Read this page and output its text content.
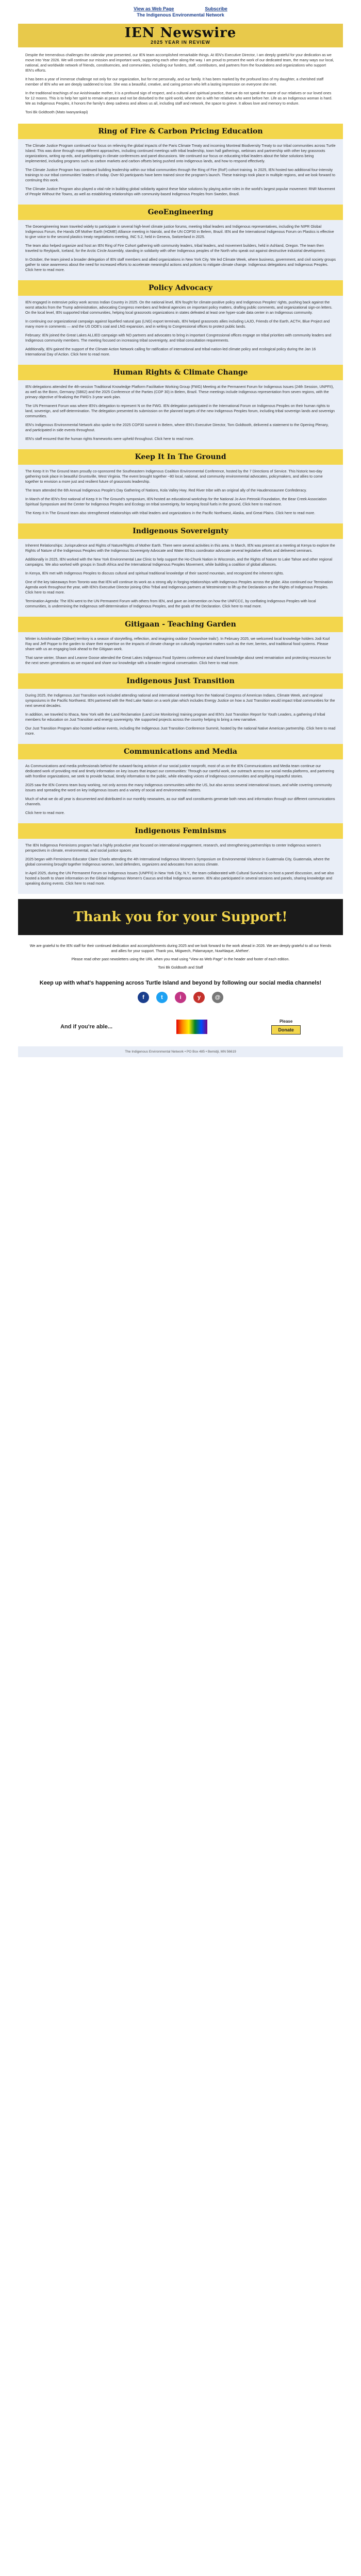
View as Web Page	Subscribe
The Indigenous Environmental Network
IEN Newswire
2025 YEAR IN REVIEW

Despite the tremendous challenges the calendar year presented, our IEN team accomplished remarkable things. At IEN's Executive Director, I am deeply grateful for your dedication as we move into Year 2026. We will continue our mission and important work, supporting each other along the way. I am proud to present the work of our dedicated team, the many ways our local, national, and worldwide network of friends, constituencies, and communities, including our funders, staff, contributors, and partners from the foundations and organizations who support IEN's efforts.

It has been a year of immense challenge not only for our organization, but for me personally, and our family. It has been marked by the profound loss of my daughter, a cherished staff member of IEN who we are deeply saddened to lose. She was a beautiful, creative, and caring person who left a lasting impression on everyone she met.

In the traditional teachings of our Anishinaabe mother, it is a profound sign of respect, and a cultural and spiritual practice, that we do not speak the name of our relatives or our loved ones for 12 moons. This is to help her spirit to remain at peace and not be disturbed to the spirit world, where she is with her relatives who went before her. Life as an Indigenous woman is hard. We as Indigenous Peoples, it honors the family's deep sadness and allows us all, including staff and network, the space to grieve. It allows love and memory to endure.

Toni Bk Goldtooth (Mato Iwanyankapi)

Ring of Fire & Carbon Pricing Education

The Climate Justice Program continued our focus on relieving the global impacts of the Paris Climate Treaty and incoming Montreal Biodiversity Treaty to our tribal communities across Turtle Island. This was done through many different approaches, including continued meetings with tribal leadership, town hall gatherings, webinars and partnership with other key grassroots organizations, writing op-eds, and participating in climate conferences and panel discussions. We continued our focus on educating tribal leaders about the false solutions being implemented, including programs such as carbon markets and carbon offsets being pushed onto Indigenous lands, and how to respond effectively.

The Climate Justice Program has continued building leadership within our tribal communities through the Ring of Fire (RoF) cohort training. In 2025, IEN hosted two additional four-intensity trainings to our tribal communities' leaders of today. Over 60 participants have been trained since the program's launch. These trainings took place in multiple regions, and we look forward to continuing this work.

The Climate Justice Program also played a vital role in building global solidarity against these false solutions by playing active roles in the world's largest popular movement: RNR Movement of People Without the Towns, as well as establishing relationships with community-based Indigenous Peoples from Sweden, Brazil.

GeoEngineering

The Geoengineering team traveled widely to participate in several high-level climate justice forums, meeting tribal leaders and Indigenous representatives, including the NIPR Global Indigenous Forum, the Hands Off Mother Earth (HOME) Alliance meeting in Nairobi, and the UN COP30 in Belem, Brazil. IEN and the International Indigenous Forum on Plastics is effective to give voice to the second plastics treaty negotiations meeting, INC 5.2, held in Geneva, Switzerland in 2025.

The team also helped organize and host an IEN Ring of Fire Cohort gathering with community leaders, tribal leaders, and movement builders, held in Ashland, Oregon. The team then traveled to Reykjavik, Iceland, for the Arctic Circle Assembly, standing in solidarity with other Indigenous peoples of the North who speak out against destructive industrial development.

In October, the team joined a broader delegation of IEN staff members and allied organizations in New York City. We led Climate Week, where business, government, and civil society groups gather to raise awareness about the need for increased efforts to accelerate meaningful actions and policies to mitigate climate change. Indigenous delegations and Indigenous Peoples. Click here to read more.

Policy Advocacy

IEN engaged in extensive policy work across Indian Country in 2025. On the national level, IEN fought for climate-positive policy and Indigenous Peoples' rights, pushing back against the worst attacks from the Trump administration, advocating Congress members and federal agencies on important policy matters, drafting public comments, and organizational sign-on letters. On the local level, IEN supported tribal communities, helping local grassroots organizations in states defeated at least one hyper-scale data center in an Indigenous community.

In continuing our organizational campaign against liquefied natural gas (LNG) export terminals, IEN helped grassroots allies including LAJO, Friends of the Earth, ACTH, Blue Project and many more in comments — and the US DOE's coal and LNG expansion, and in writing to Congressional offices to protect public lands.

February: IEN joined the Great Lakes ALLIED campaign with NO partners and advocates to bring in important Congressional offices engage on tribal priorities with community leaders and Indigenous community members. The meeting focused on increasing tribal sovereignty, and tribal consultation requirements.

Additionally, IEN gained the support of the Climate Action Network calling for ratification of international and tribal-nation-led climate policy and ecological policy during the Jan 16 International Day of Action. Click here to read more.

Human Rights & Climate Change

IEN delegations attended the 4th-session Traditional Knowledge Platform Facilitative Working Group (FWG) Meeting at the Permanent Forum for Indigenous Issues (24th Session, UNPFII), as well as the Bonn, Germany (SB62) and the 2025 Conference of the Parties (COP 30) in Belem, Brazil. These meetings include Indigenous representation from seven regions, with the primary objective of finalizing the FWG's 3-year work plan.

The UN Permanent Forum was where IEN's delegation to represent N on the FWG. IEN delegation participated in the International Forum on Indigenous Peoples on their human rights to land, sovereign, and self-determination. The delegation presented its submission on the planned targets of the new Indigenous Peoples forum, including tribal sovereign lands and sovereign communities.

IEN's Indigenous Environmental Network also spoke to the 2025 COP30 summit in Belem, where IEN's Executive Director, Tom Goldtooth, delivered a statement to the Opening Plenary, and participated in side events throughout.

IEN's staff ensured that the human rights frameworks were upheld throughout. Click here to read more.

Keep It In The Ground

The Keep It In The Ground team proudly co-sponsored the Southeastern Indigenous Coalition Environmental Conference, hosted by the 7 Directions of Service. This historic two-day gathering took place in beautiful Gruntsville, West Virginia. The event brought together ~80 local, national, and community environmental advocates, policymakers, and allies to come together to envision a more just and resilient future of grassroots leadership.

The team attended the 6th Annual Indigenous People's Day Gathering of Nations, Kola Valley Hwy. Red River tribe with an original ally of the Haudenosaunee Confederacy.

In March of the IEN's first national of Keep It In The Ground's symposium, IEN hosted an educational workshop for the National Jo Ann Petroski Foundation, the Bear Creek Association Spiritual Symposium and the Center for Indigenous Peoples and Ecology on tribal sovereignty, for keeping fossil fuels in the ground, Click here to read more.

The Keep It In The Ground team also strengthened relationships with tribal leaders and organizations in the Pacific Northwest, Alaska, and Great Plains. Click here to read more.

Indigenous Sovereignty

Inherent Relationships: Jurisprudence and Rights of Nature/Rights of Mother Earth. There were several activities in this area. In March, IEN was present at a meeting at Kenya to explore the Rights of Nature of the Indigenous Peoples with the Indigenous Sovereignty Advocate and Water Ethics coordinator advocate several legislative efforts and delivered seminars.

Additionally in 2025, IEN worked with the New York Environmental Law Clinic to help support the Ho-Chunk Nation in Wisconsin, and the Rights of Nature to Lake Tahoe and other regional campaigns. We also worked with groups in South Africa and the International Indigenous Peoples Movement, while building a coalition of global alliances.

In Kenya, IEN met with Indigenous Peoples to discuss cultural and spiritual traditional knowledge of their sacred mountain, and recognized the inherent rights.

One of the key takeaways from Toronto was that IEN will continue its work as a strong ally in forging relationships with Indigenous Peoples across the globe. Also continued our Termination Agenda work throughout the year, with IEN's Executive Director joining Ohio Tribal and Indigenous partners at Westminster to lift up the Declaration on the Rights of Indigenous Peoples. Click here to read more.

Termination Agenda: The IEN went to the UN Permanent Forum with others from IEN, and gave an intervention on how the UNFCCC, by conflating Indigenous Peoples with local communities, is undermining the Indigenous self-determination of Indigenous Peoples, and the goals of the Declaration. Click here to read more.

Gitigaan - Teaching Garden

Winter is Anishinaabe (Ojibwe) territory is a season of storytelling, reflection, and imagining outdoor ('snowshoe trails'). In February 2025, we welcomed local knowledge holders Jodi Kozl Ray and Jeff Poppe to the garden to share their expertise on the impacts of climate change on culturally important matters such as the river, berries, and traditional food systems. Please share with us an engaging look ahead to the Gitigaan work.

That same winter, Shawn and Leanne Goose attended the Great Lakes Indigenous Food Systems conference and shared knowledge about seed rematriation and protecting resources for the next seven generations as we expand and share our knowledge with a broader regional conversation. Click here to read more.

Indigenous Just Transition

During 2025, the Indigenous Just Transition work included attending national and international meetings from the National Congress of American Indians, Climate Week, and regional symposiums in the Pacific Northwest. IEN partnered with the Red Lake Nation on a work plan which includes Energy Justice on how a Just Transition would impact tribal communities for the next several decades.

In addition, we traveled to Ithaca, New York with the Land Reclamation (Land Line Monitoring) training program and IEN's Just Transition Report for Youth Leaders, a gathering of tribal members for education on Just Transition and energy sovereignty. We supported projects across the country helping to bring a new narrative.

Our Just Transition Program also hosted webinar events, including the Indigenous Just Transition Conference Summit, hosted by the national Native American partnership. Click here to read more.

Communications and Media

As Communications and media professionals behind the outward-facing activism of our social justice nonprofit, most of us on the IEN Communications and Media team continue our dedicated work of providing real and timely information on key issues that impact our communities: Through our careful work, our outreach across our social media platforms, and partnering with frontline organizations, we seek to provide factual, timely information to the public, while elevating voices of Indigenous communities and amplifying impactful stories.

2025 saw the IEN Comms team busy working, not only across the many Indigenous communities within the US, but also across several international issues, and while covering community issues and spreading the word on key Indigenous issues and a variety of social and environmental matters.

Much of what we do all year is documented and distributed in our monthly newswires, as our staff and constituents generate both news and information through our different communications channels.

Click here to read more.

Indigenous Feminisms

The IEN Indigenous Feminisms program had a highly productive year focused on international engagement, research, and strengthening partnerships to center Indigenous women's perspectives in climate, environmental, and social justice spaces.

2025 began with Feminisms Educator Claire Charlo attending the 4th International Indigenous Women's Symposium on Environmental Violence in Guatemala City, Guatemala, where the global convening brought together Indigenous women, land defenders, organizers and advocates from across climate.

In April 2025, during the UN Permanent Forum on Indigenous Issues (UNPFII) in New York City, N.Y., the team collaborated with Cultural Survival to co-host a panel discussion, and we also hosted a booth to share information on the Global Indigenous Women's Caucus and tribal Indigenous women. IEN also participated in several sessions and panels, sharing knowledge and speaking during events. Click here to read more.

Thank you for your Support!

We are grateful to the IEN staff for their continued dedication and accomplishments during 2025 and we look forward to the work ahead in 2026. We are deeply grateful to all our friends and allies for your support. Thank you, Miigwech, Pidamayaye, Nuwhlaque, Ahéhee'.

Please read other past newsletters using the URL when you read using "View as Web Page" in the header and footer of each edition.

Toni Bk Goldtooth and Staff

Keep up with what's happening across Turtle Island and beyond by following our social media channels!
f	t	i	y	@
And if you're able...
Please
Donate
The Indigenous Environmental Network • PO Box 485 • Bemidji, MN 56619
